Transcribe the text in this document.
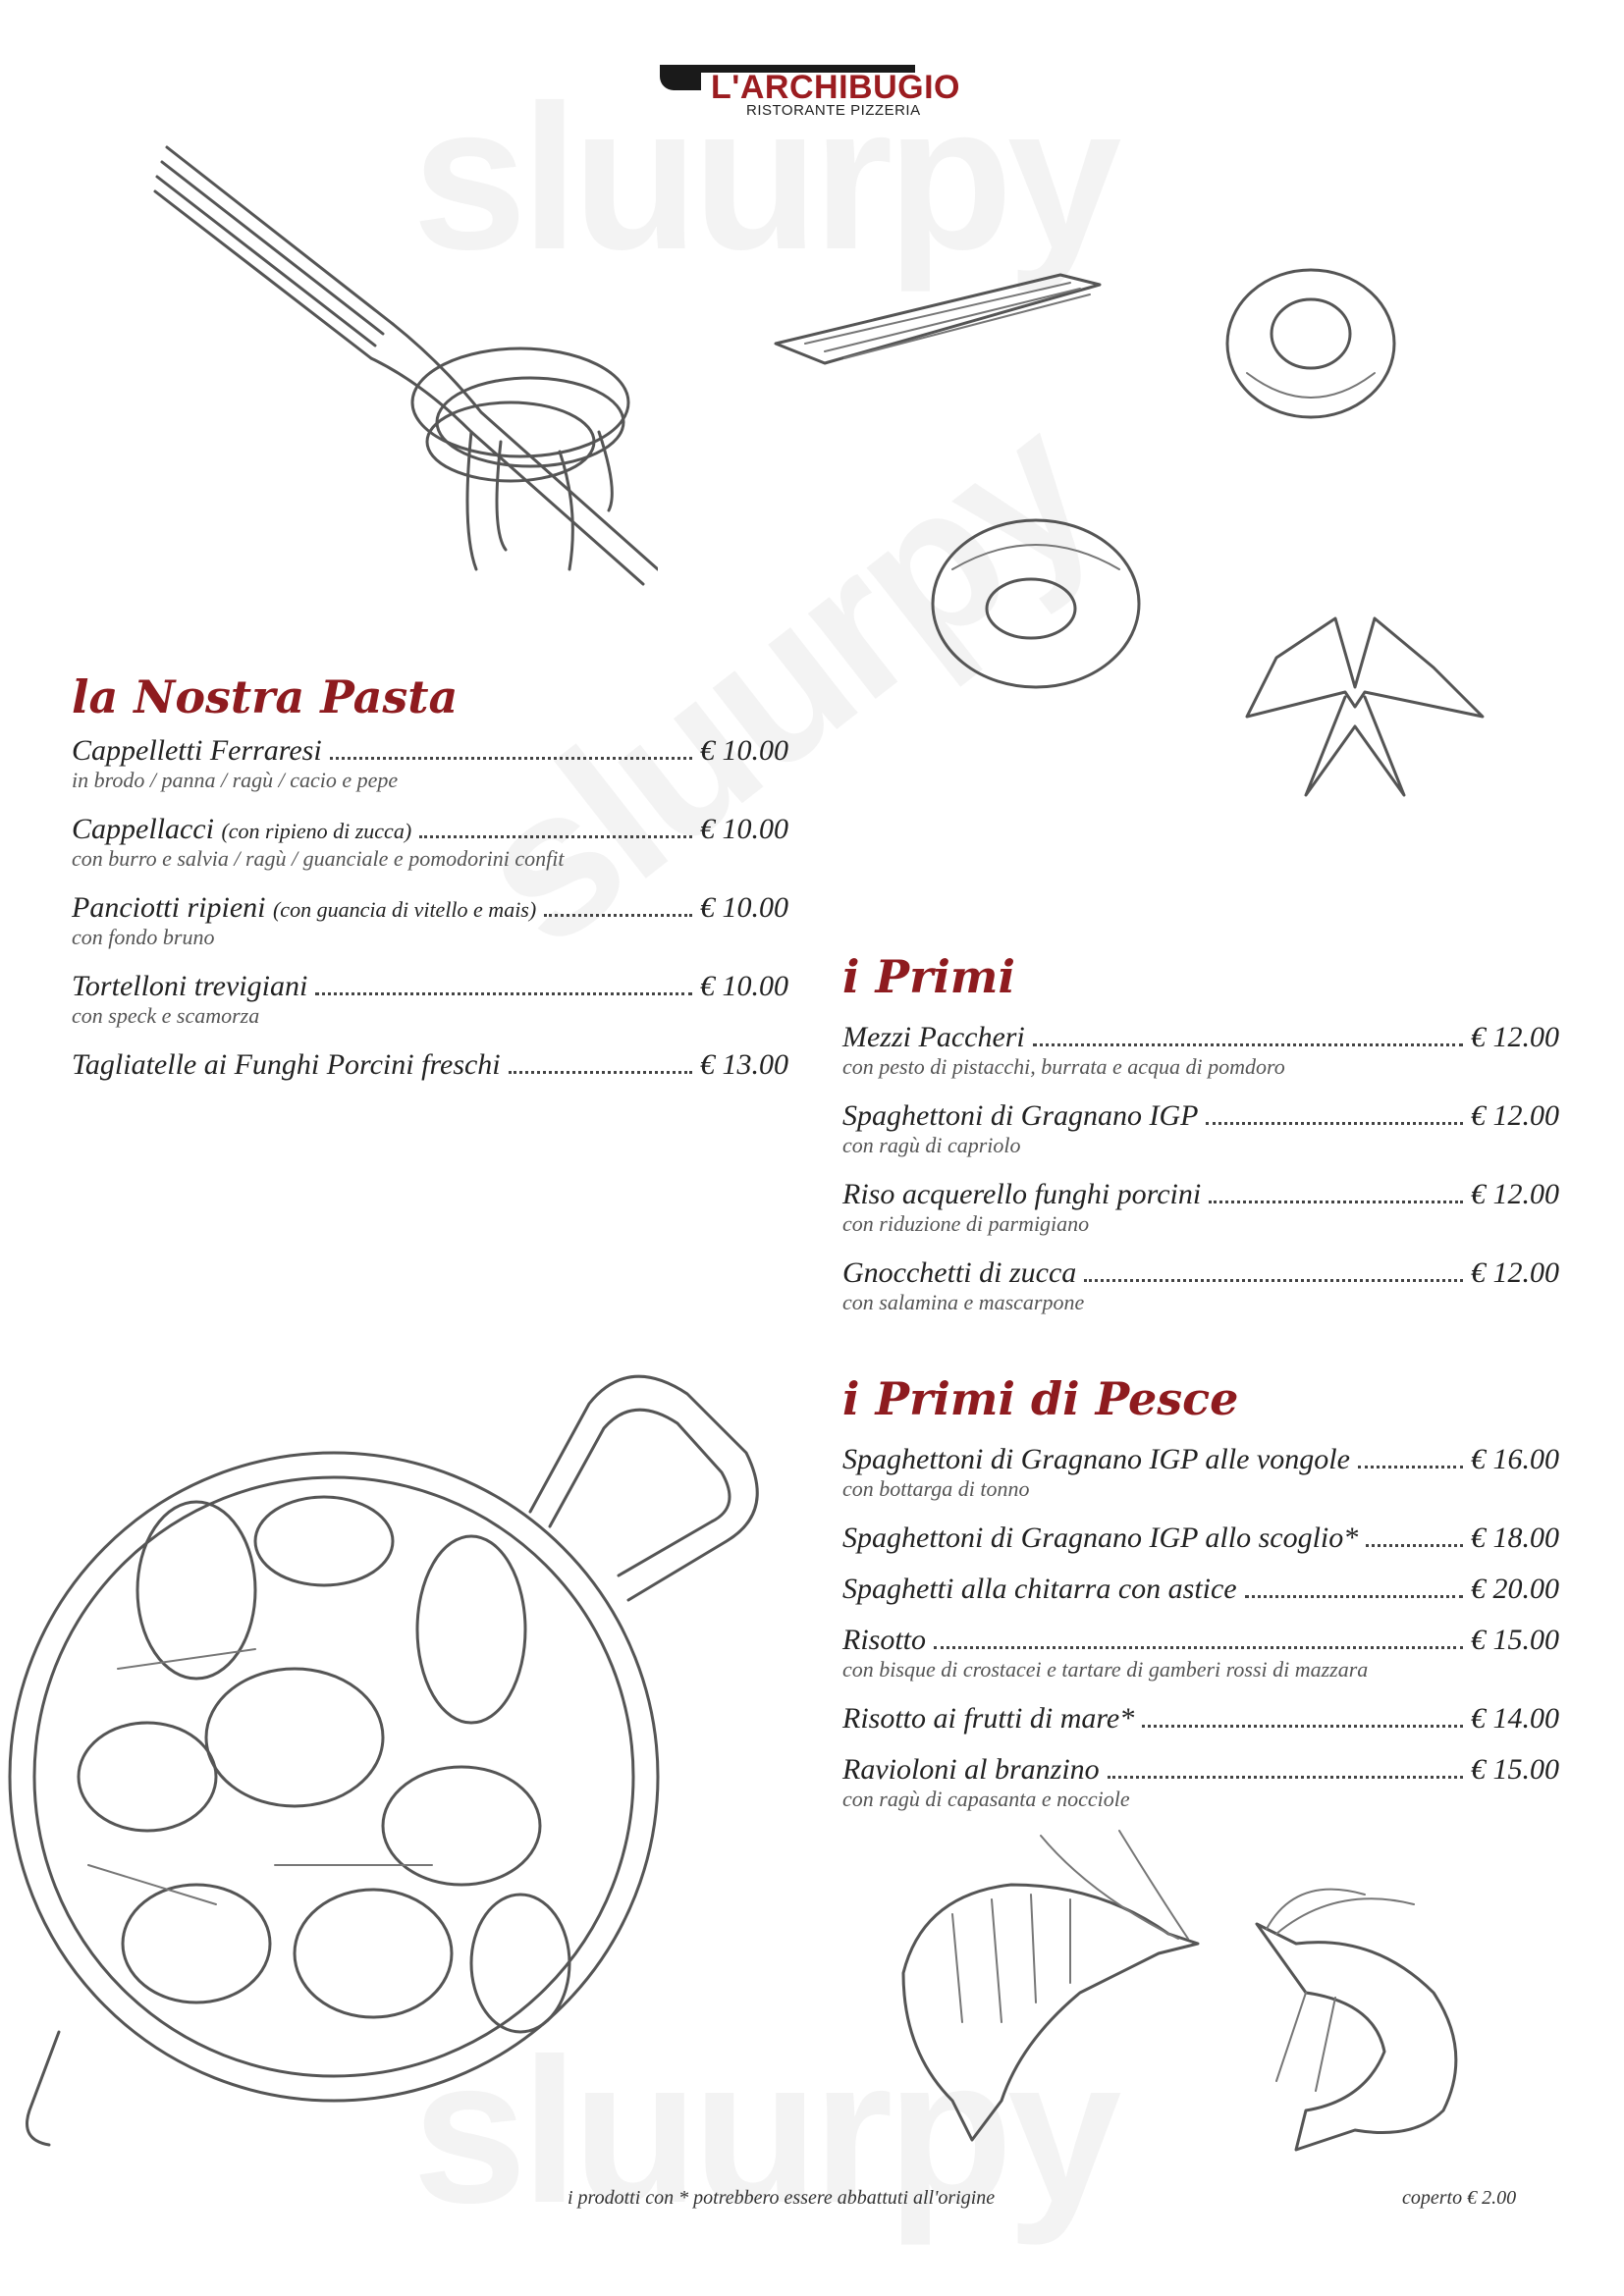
L'ARCHIBUGIO
RISTORANTE PIZZERIA
la Nostra Pasta
Cappelletti Ferraresi	€ 10.00
in brodo / panna / ragù / cacio e pepe
Cappellacci
(con ripieno di zucca)	€ 10.00
con burro e salvia / ragù / guanciale e pomodorini confit
Panciotti ripieni
(con guancia di vitello e mais)	€ 10.00
con fondo bruno
Tortelloni trevigiani	€ 10.00
con speck e scamorza
Tagliatelle ai Funghi Porcini freschi	€ 13.00
i Primi
Mezzi Paccheri	€ 12.00
con pesto di pistacchi, burrata e acqua di pomdoro
Spaghettoni di Gragnano IGP	€ 12.00
con ragù di capriolo
Riso acquerello funghi porcini	€ 12.00
con riduzione di parmigiano
Gnocchetti di zucca	€ 12.00
con salamina e mascarpone
i Primi di Pesce
Spaghettoni di Gragnano IGP alle vongole	€ 16.00
con bottarga di tonno
Spaghettoni di Gragnano IGP allo scoglio*	€ 18.00
Spaghetti alla chitarra con astice	€ 20.00
Risotto	€ 15.00
con bisque di crostacei e tartare di gamberi rossi di mazzara
Risotto ai frutti di mare*	€ 14.00
Ravioloni al branzino	€ 15.00
con ragù di capasanta e nocciole
i prodotti con * potrebbero essere abbattuti all'origine	coperto € 2.00
